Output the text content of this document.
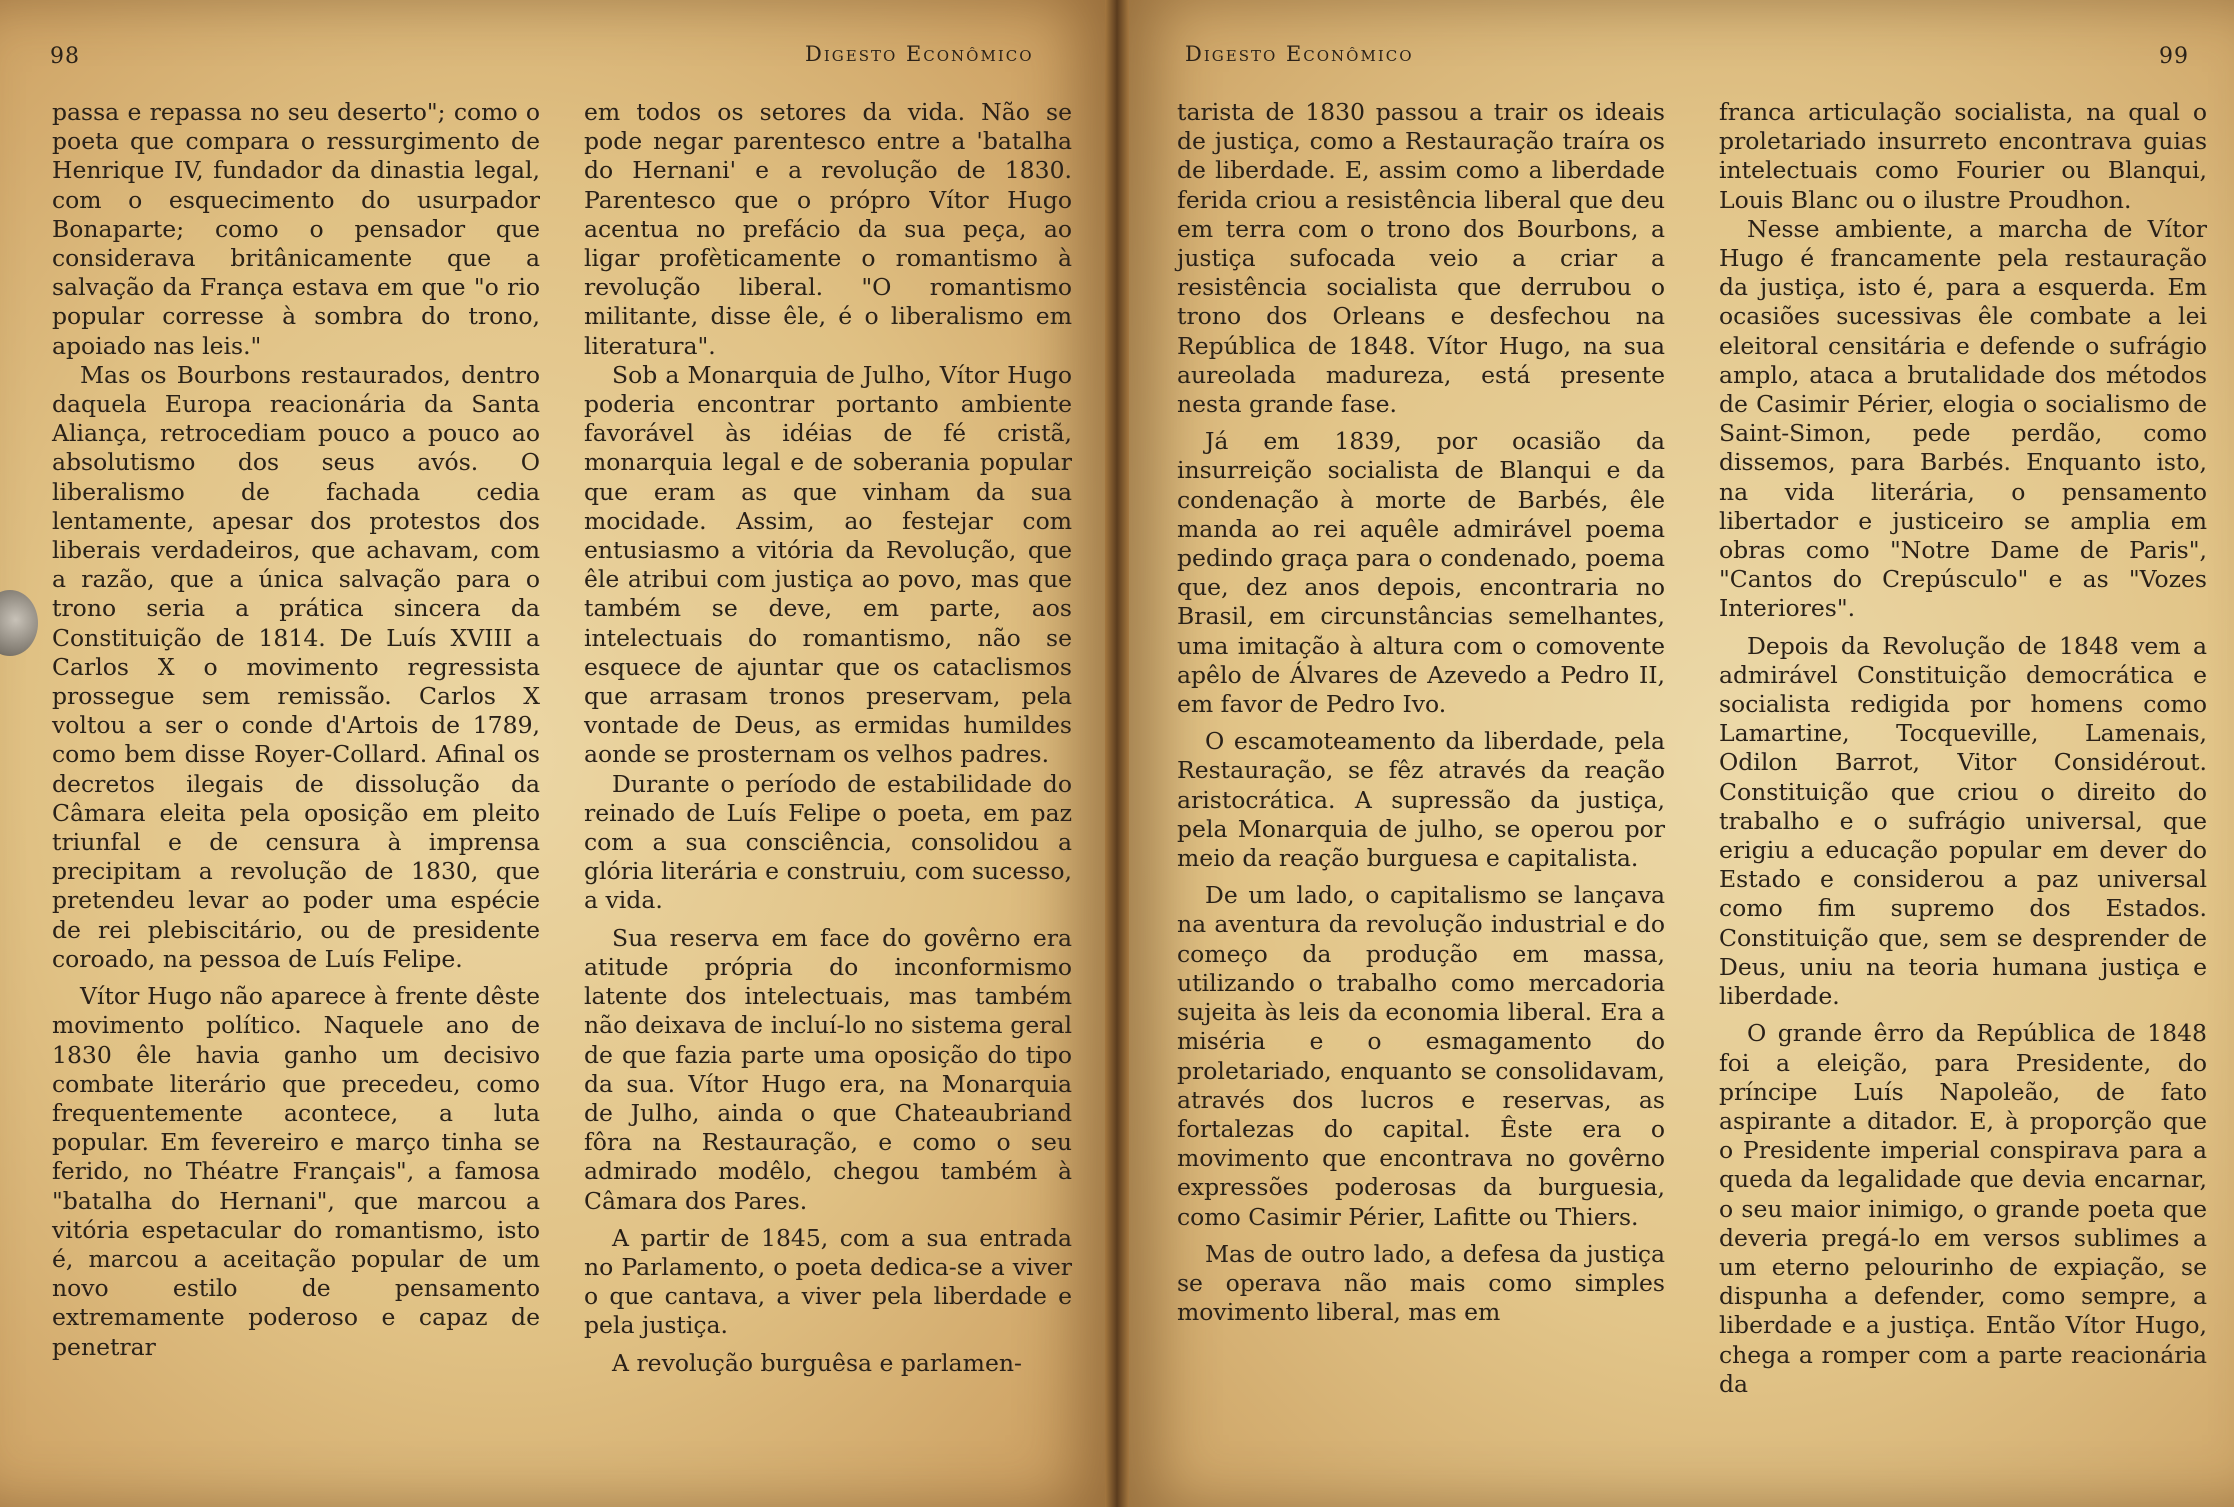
98	Digesto Econômico

passa e repassa no seu deserto"; como o poeta que compara o ressurgimento de Henrique IV, fundador da dinastia legal, com o esquecimento do usurpador Bonaparte; como o pensador que considerava britânicamente que a salvação da França estava em que "o rio popular corresse à sombra do trono, apoiado nas leis."

Mas os Bourbons restaurados, dentro daquela Europa reacionária da Santa Aliança, retrocediam pouco a pouco ao absolutismo dos seus avós. O liberalismo de fachada cedia lentamente, apesar dos protestos dos liberais verdadeiros, que achavam, com a razão, que a única salvação para o trono seria a prática sincera da Constituição de 1814. De Luís XVIII a Carlos X o movimento regressista prossegue sem remissão. Carlos X voltou a ser o conde d'Artois de 1789, como bem disse Royer-Collard. Afinal os decretos ilegais de dissolução da Câmara eleita pela oposição em pleito triunfal e de censura à imprensa precipitam a revolução de 1830, que pretendeu levar ao poder uma espécie de rei plebiscitário, ou de presidente coroado, na pessoa de Luís Felipe.

Vítor Hugo não aparece à frente dêste movimento político. Naquele ano de 1830 êle havia ganho um decisivo combate literário que precedeu, como frequentemente acontece, a luta popular. Em fevereiro e março tinha se ferido, no Théatre Français", a famosa "batalha do Hernani", que marcou a vitória espetacular do romantismo, isto é, marcou a aceitação popular de um novo estilo de pensamento extremamente poderoso e capaz de penetrar

em todos os setores da vida. Não se pode negar parentesco entre a 'batalha do Hernani' e a revolução de 1830. Parentesco que o própro Vítor Hugo acentua no prefácio da sua peça, ao ligar profèticamente o romantismo à revolução liberal. "O romantismo militante, disse êle, é o liberalismo em literatura".

Sob a Monarquia de Julho, Vítor Hugo poderia encontrar portanto ambiente favorável às idéias de fé cristã, monarquia legal e de soberania popular que eram as que vinham da sua mocidade. Assim, ao festejar com entusiasmo a vitória da Revolução, que êle atribui com justiça ao povo, mas que também se deve, em parte, aos intelectuais do romantismo, não se esquece de ajuntar que os cataclismos que arrasam tronos preservam, pela vontade de Deus, as ermidas humildes aonde se prosternam os velhos padres.

Durante o período de estabilidade do reinado de Luís Felipe o poeta, em paz com a sua consciência, consolidou a glória literária e construiu, com sucesso, a vida.

Sua reserva em face do govêrno era atitude própria do inconformismo latente dos intelectuais, mas também não deixava de incluí-lo no sistema geral de que fazia parte uma oposição do tipo da sua. Vítor Hugo era, na Monarquia de Julho, ainda o que Chateaubriand fôra na Restauração, e como o seu admirado modêlo, chegou também à Câmara dos Pares.

A partir de 1845, com a sua entrada no Parlamento, o poeta dedica-se a viver o que cantava, a viver pela liberdade e pela justiça.

A revolução burguêsa e parlamen-

Digesto Econômico	99

tarista de 1830 passou a trair os ideais de justiça, como a Restauração traíra os de liberdade. E, assim como a liberdade ferida criou a resistência liberal que deu em terra com o trono dos Bourbons, a justiça sufocada veio a criar a resistência socialista que derrubou o trono dos Orleans e desfechou na República de 1848. Vítor Hugo, na sua aureolada madureza, está presente nesta grande fase.

Já em 1839, por ocasião da insurreição socialista de Blanqui e da condenação à morte de Barbés, êle manda ao rei aquêle admirável poema pedindo graça para o condenado, poema que, dez anos depois, encontraria no Brasil, em circunstâncias semelhantes, uma imitação à altura com o comovente apêlo de Álvares de Azevedo a Pedro II, em favor de Pedro Ivo.

O escamoteamento da liberdade, pela Restauração, se fêz através da reação aristocrática. A supressão da justiça, pela Monarquia de julho, se operou por meio da reação burguesa e capitalista.

De um lado, o capitalismo se lançava na aventura da revolução industrial e do começo da produção em massa, utilizando o trabalho como mercadoria sujeita às leis da economia liberal. Era a miséria e o esmagamento do proletariado, enquanto se consolidavam, através dos lucros e reservas, as fortalezas do capital. Êste era o movimento que encontrava no govêrno expressões poderosas da burguesia, como Casimir Périer, Lafitte ou Thiers.

Mas de outro lado, a defesa da justiça se operava não mais como simples movimento liberal, mas em

franca articulação socialista, na qual o proletariado insurreto encontrava guias intelectuais como Fourier ou Blanqui, Louis Blanc ou o ilustre Proudhon.

Nesse ambiente, a marcha de Vítor Hugo é francamente pela restauração da justiça, isto é, para a esquerda. Em ocasiões sucessivas êle combate a lei eleitoral censitária e defende o sufrágio amplo, ataca a brutalidade dos métodos de Casimir Périer, elogia o socialismo de Saint-Simon, pede perdão, como dissemos, para Barbés. Enquanto isto, na vida literária, o pensamento libertador e justiceiro se amplia em obras como "Notre Dame de Paris", "Cantos do Crepúsculo" e as "Vozes Interiores".

Depois da Revolução de 1848 vem a admirável Constituição democrática e socialista redigida por homens como Lamartine, Tocqueville, Lamenais, Odilon Barrot, Vitor Considérout. Constituição que criou o direito do trabalho e o sufrágio universal, que erigiu a educação popular em dever do Estado e considerou a paz universal como fim supremo dos Estados. Constituição que, sem se desprender de Deus, uniu na teoria humana justiça e liberdade.

O grande êrro da República de 1848 foi a eleição, para Presidente, do príncipe Luís Napoleão, de fato aspirante a ditador. E, à proporção que o Presidente imperial conspirava para a queda da legalidade que devia encarnar, o seu maior inimigo, o grande poeta que deveria pregá-lo em versos sublimes a um eterno pelourinho de expiação, se dispunha a defender, como sempre, a liberdade e a justiça. Então Vítor Hugo, chega a romper com a parte reacionária da
